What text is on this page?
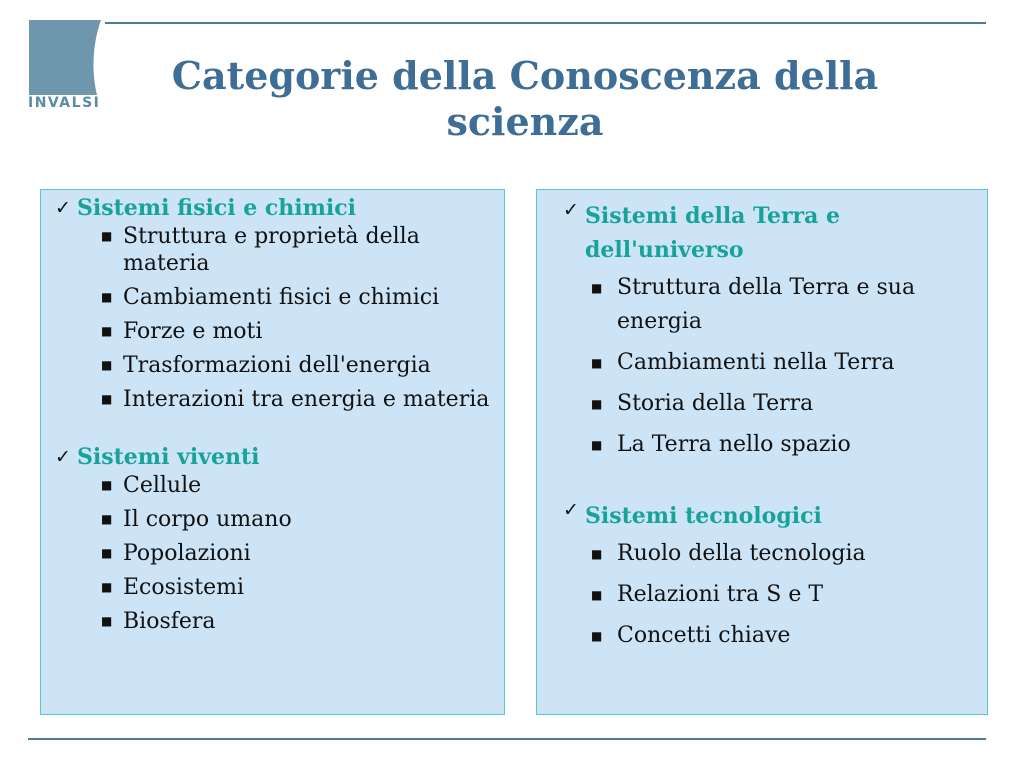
INVALSI
Categorie della Conoscenza della scienza
✓ Sistemi fisici e chimici
■ Struttura e proprietà della materia
■ Cambiamenti fisici e chimici
■ Forze e moti
■ Trasformazioni dell'energia
■ Interazioni tra energia e materia
✓ Sistemi viventi
■ Cellule
■ Il corpo umano
■ Popolazioni
■ Ecosistemi
■ Biosfera
✓ Sistemi della Terra e dell'universo
■ Struttura della Terra e sua energia
■ Cambiamenti nella Terra
■ Storia della Terra
■ La Terra nello spazio
✓ Sistemi tecnologici
■ Ruolo della tecnologia
■ Relazioni tra S e T
■ Concetti chiave
